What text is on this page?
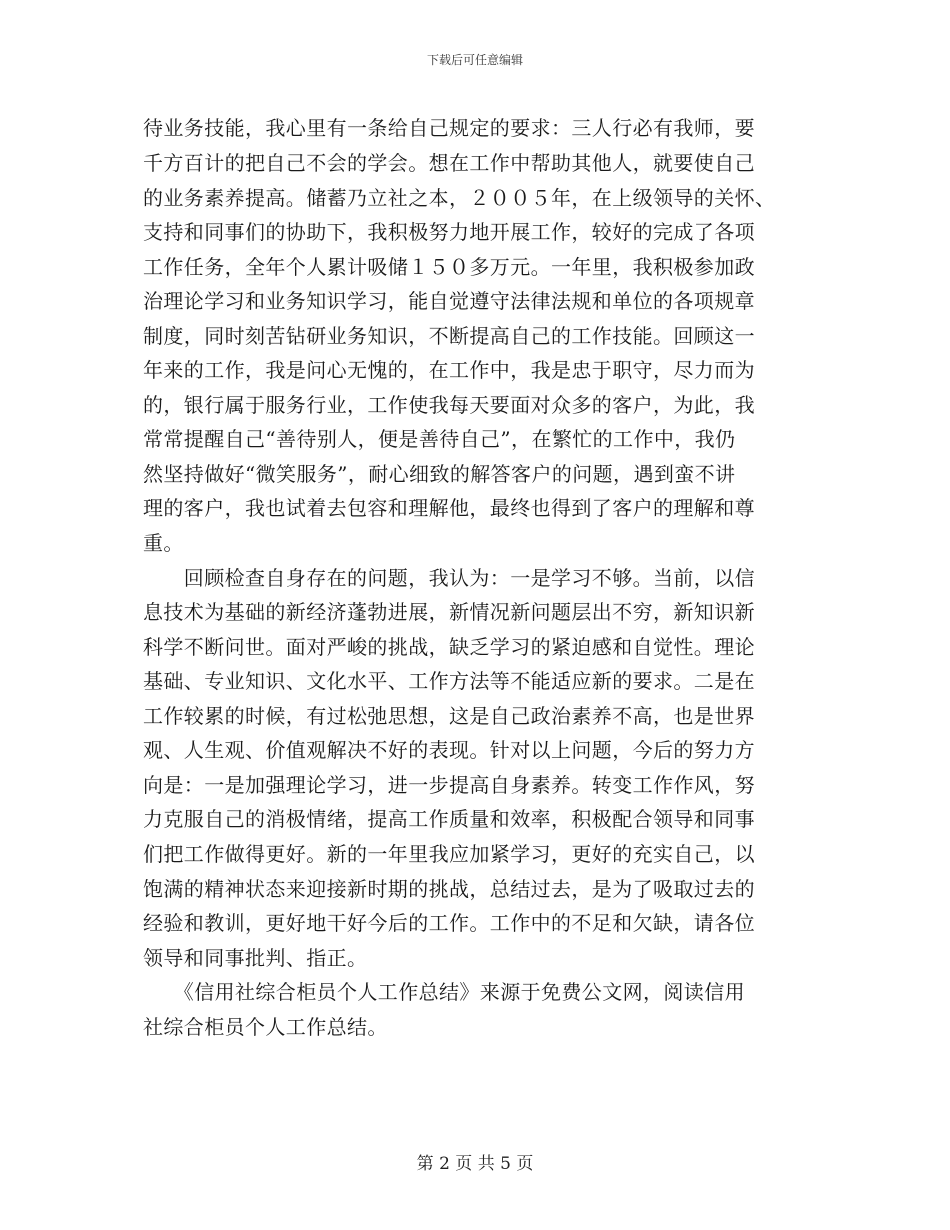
下载后可任意编辑
待业务技能，我心里有一条给自己规定的要求：三人行必有我师，要
千方百计的把自己不会的学会。想在工作中帮助其他人，就要使自己
的业务素养提高。储蓄乃立社之本，２００５年，在上级领导的关怀、
支持和同事们的协助下，我积极努力地开展工作，较好的完成了各项
工作任务，全年个人累计吸储１５０多万元。一年里，我积极参加政
治理论学习和业务知识学习，能自觉遵守法律法规和单位的各项规章
制度，同时刻苦钻研业务知识，不断提高自己的工作技能。回顾这一
年来的工作，我是问心无愧的，在工作中，我是忠于职守，尽力而为
的，银行属于服务行业，工作使我每天要面对众多的客户，为此，我
常常提醒自己“善待别人，便是善待自己”，在繁忙的工作中，我仍
然坚持做好“微笑服务”，耐心细致的解答客户的问题，遇到蛮不讲
理的客户，我也试着去包容和理解他，最终也得到了客户的理解和尊
重。
　　回顾检查自身存在的问题，我认为：一是学习不够。当前，以信
息技术为基础的新经济蓬勃进展，新情况新问题层出不穷，新知识新
科学不断问世。面对严峻的挑战，缺乏学习的紧迫感和自觉性。理论
基础、专业知识、文化水平、工作方法等不能适应新的要求。二是在
工作较累的时候，有过松弛思想，这是自己政治素养不高，也是世界
观、人生观、价值观解决不好的表现。针对以上问题，今后的努力方
向是：一是加强理论学习，进一步提高自身素养。转变工作作风，努
力克服自己的消极情绪，提高工作质量和效率，积极配合领导和同事
们把工作做得更好。新的一年里我应加紧学习，更好的充实自己，以
饱满的精神状态来迎接新时期的挑战，总结过去，是为了吸取过去的
经验和教训，更好地干好今后的工作。工作中的不足和欠缺，请各位
领导和同事批判、指正。
　　《信用社综合柜员个人工作总结》来源于免费公文网，阅读信用
社综合柜员个人工作总结。
第 2 页 共 5 页
